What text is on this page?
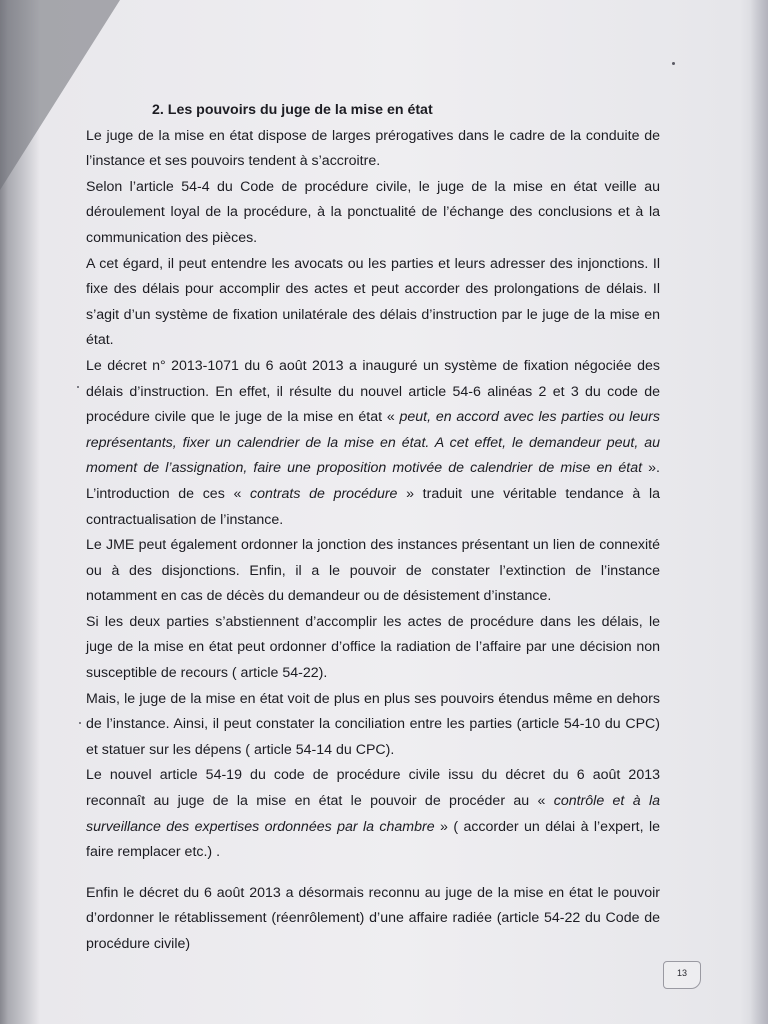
2. Les pouvoirs du juge de la mise en état

Le juge de la mise en état dispose de larges prérogatives dans le cadre de la conduite de l’instance et ses pouvoirs tendent à s’accroitre.

Selon l’article 54-4 du Code de procédure civile, le juge de la mise en état veille au déroulement loyal de la procédure, à la ponctualité de l’échange des conclusions et à la communication des pièces.

A cet égard, il peut entendre les avocats ou les parties et leurs adresser des injonctions. Il fixe des délais pour accomplir des actes et peut accorder des prolongations de délais. Il s’agit d’un système de fixation unilatérale des délais d’instruction par le juge de la mise en état.

Le décret n° 2013-1071 du 6 août 2013 a inauguré un système de fixation négociée des délais d’instruction. En effet, il résulte du nouvel article 54-6 alinéas 2 et 3 du code de procédure civile que le juge de la mise en état « peut, en accord avec les parties ou leurs représentants, fixer un calendrier de la mise en état. A cet effet, le demandeur peut, au moment de l’assignation, faire une proposition motivée de calendrier de mise en état ». L’introduction de ces « contrats de procédure » traduit une véritable tendance à la contractualisation de l’instance.

Le JME peut également ordonner la jonction des instances présentant un lien de connexité ou à des disjonctions. Enfin, il a le pouvoir de constater l’extinction de l’instance notamment en cas de décès du demandeur ou de désistement d’instance.

Si les deux parties s’abstiennent d’accomplir les actes de procédure dans les délais, le juge de la mise en état peut ordonner d’office la radiation de l’affaire par une décision non susceptible de recours ( article 54-22).

Mais, le juge de la mise en état voit de plus en plus ses pouvoirs étendus même en dehors de l’instance. Ainsi, il peut constater la conciliation entre les parties (article 54-10 du CPC) et statuer sur les dépens ( article 54-14 du CPC).

Le nouvel article 54-19 du code de procédure civile issu du décret du 6 août 2013 reconnaît au juge de la mise en état le pouvoir de procéder au « contrôle et à la surveillance des expertises ordonnées par la chambre » ( accorder un délai à l’expert, le faire remplacer etc.) .

Enfin le décret du 6 août 2013 a désormais reconnu au juge de la mise en état le pouvoir d’ordonner le rétablissement (réenrôlement) d’une affaire radiée (article 54-22 du Code de procédure civile)

13
